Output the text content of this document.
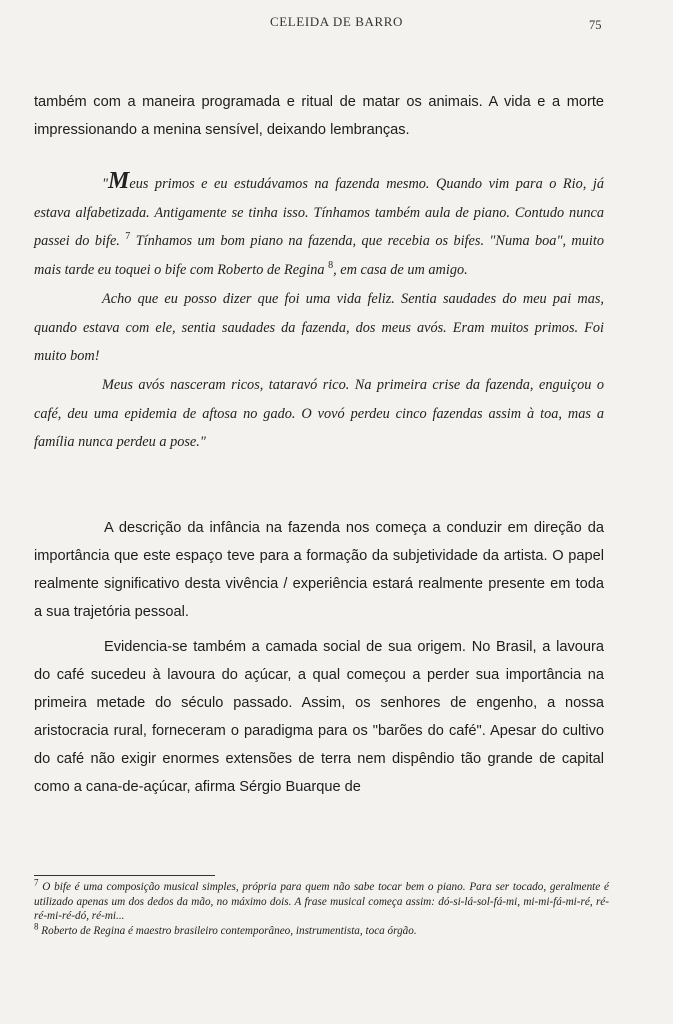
CELEIDA DE BARRO	75
também com a maneira programada e ritual de matar os animais. A vida e a morte impressionando a menina sensível, deixando lembranças.

"Meus primos e eu estudávamos na fazenda mesmo. Quando vim para o Rio, já estava alfabetizada. Antigamente se tinha isso. Tínhamos também aula de piano. Contudo nunca passei do bife. $^7$ Tínhamos um bom piano na fazenda, que recebia os bifes. "Numa boa", muito mais tarde eu toquei o bife com Roberto de Regina $^8$, em casa de um amigo.

Acho que eu posso dizer que foi uma vida feliz. Sentia saudades do meu pai mas, quando estava com ele, sentia saudades da fazenda, dos meus avós. Eram muitos primos. Foi muito bom!

Meus avós nasceram ricos, tataravó rico. Na primeira crise da fazenda, enguiçou o café, deu uma epidemia de aftosa no gado. O vovó perdeu cinco fazendas assim à toa, mas a família nunca perdeu a pose."

A descrição da infância na fazenda nos começa a conduzir em direção da importância que este espaço teve para a formação da subjetividade da artista. O papel realmente significativo desta vivência / experiência estará realmente presente em toda a sua trajetória pessoal.
Evidencia-se também a camada social de sua origem. No Brasil, a lavoura do café sucedeu à lavoura do açúcar, a qual começou a perder sua importância na primeira metade do século passado. Assim, os senhores de engenho, a nossa aristocracia rural, forneceram o paradigma para os "barões do café". Apesar do cultivo do café não exigir enormes extensões de terra nem dispêndio tão grande de capital como a cana-de-açúcar, afirma Sérgio Buarque de

$^7$ O bife é uma composição musical simples, própria para quem não sabe tocar bem o piano. Para ser tocado, geralmente é utilizado apenas um dos dedos da mão, no máximo dois. A frase musical começa assim: dó-si-lá-sol-fá-mi, mi-mi-fá-mi-ré, ré-ré-mi-ré-dó, ré-mi...

$^8$ Roberto de Regina é maestro brasileiro contemporâneo, instrumentista, toca órgão.
